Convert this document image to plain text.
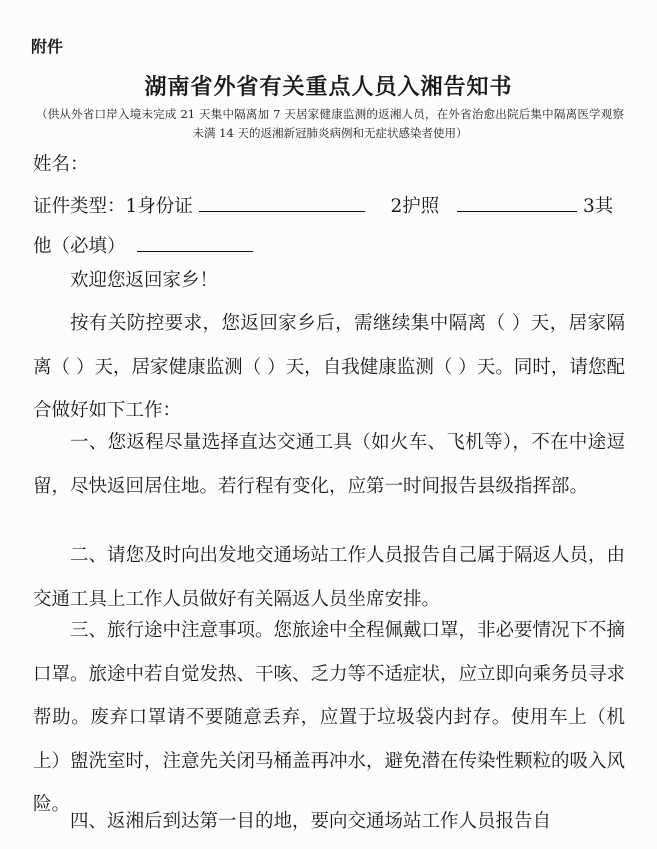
附件
湖南省外省有关重点人员入湘告知书
（供从外省口岸入境未完成 21 天集中隔离加 7 天居家健康监测的返湘人员，在外省治愈出院后集中隔离医学观察未满 14 天的返湘新冠肺炎病例和无症状感染者使用）
姓名：
证件类型：1身份证	2护照	3其
他（必填）
欢迎您返回家乡！
按有关防控要求，您返回家乡后，需继续集中隔离（ ）天，居家隔离（ ）天，居家健康监测（ ）天，自我健康监测（ ）天。同时，请您配合做好如下工作：
一、您返程尽量选择直达交通工具（如火车、飞机等），不在中途逗留，尽快返回居住地。若行程有变化，应第一时间报告县级指挥部。
二、请您及时向出发地交通场站工作人员报告自己属于隔返人员，由交通工具上工作人员做好有关隔返人员坐席安排。
三、旅行途中注意事项。您旅途中全程佩戴口罩，非必要情况下不摘口罩。旅途中若自觉发热、干咳、乏力等不适症状，应立即向乘务员寻求帮助。废弃口罩请不要随意丢弃，应置于垃圾袋内封存。使用车上（机上）盥洗室时，注意先关闭马桶盖再冲水，避免潜在传染性颗粒的吸入风险。
四、返湘后到达第一目的地，要向交通场站工作人员报告自
